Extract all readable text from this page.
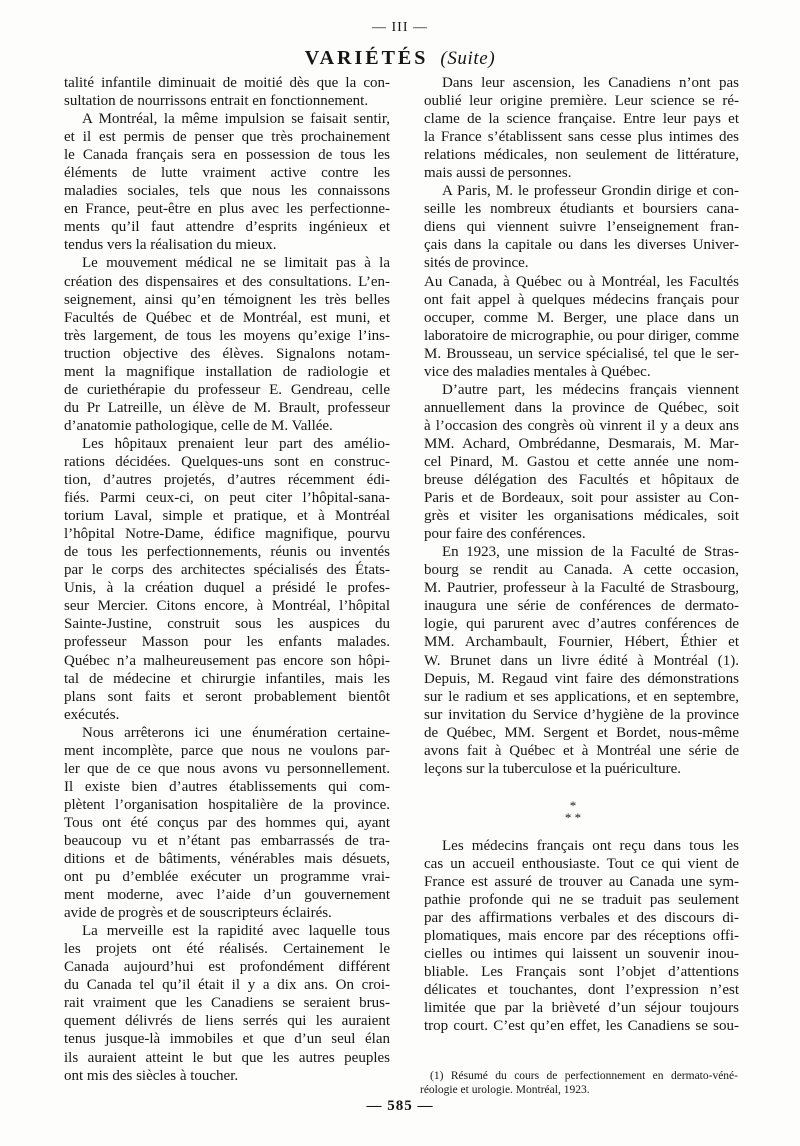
— III —
VARIÉTÉS (Suite)
talité infantile diminuait de moitié dès que la con-
sultation de nourrissons entrait en fonctionnement.
A Montréal, la même impulsion se faisait sentir,
et il est permis de penser que très prochainement
le Canada français sera en possession de tous les
éléments de lutte vraiment active contre les
maladies sociales, tels que nous les connaissons
en France, peut-être en plus avec les perfectionne-
ments qu’il faut attendre d’esprits ingénieux et
tendus vers la réalisation du mieux.
Le mouvement médical ne se limitait pas à la
création des dispensaires et des consultations. L’en-
seignement, ainsi qu’en témoignent les très belles
Facultés de Québec et de Montréal, est muni, et
très largement, de tous les moyens qu’exige l’ins-
truction objective des élèves. Signalons notam-
ment la magnifique installation de radiologie et
de curiethérapie du professeur E. Gendreau, celle
du Pr Latreille, un élève de M. Brault, professeur
d’anatomie pathologique, celle de M. Vallée.
Les hôpitaux prenaient leur part des amélio-
rations décidées. Quelques-uns sont en construc-
tion, d’autres projetés, d’autres récemment édi-
fiés. Parmi ceux-ci, on peut citer l’hôpital-sana-
torium Laval, simple et pratique, et à Montréal
l’hôpital Notre-Dame, édifice magnifique, pourvu
de tous les perfectionnements, réunis ou inventés
par le corps des architectes spécialisés des États-
Unis, à la création duquel a présidé le profes-
seur Mercier. Citons encore, à Montréal, l’hôpital
Sainte-Justine, construit sous les auspices du
professeur Masson pour les enfants malades.
Québec n’a malheureusement pas encore son hôpi-
tal de médecine et chirurgie infantiles, mais les
plans sont faits et seront probablement bientôt
exécutés.
Nous arrêterons ici une énumération certaine-
ment incomplète, parce que nous ne voulons par-
ler que de ce que nous avons vu personnellement.
Il existe bien d’autres établissements qui com-
plètent l’organisation hospitalière de la province.
Tous ont été conçus par des hommes qui, ayant
beaucoup vu et n’étant pas embarrassés de tra-
ditions et de bâtiments, vénérables mais désuets,
ont pu d’emblée exécuter un programme vrai-
ment moderne, avec l’aide d’un gouvernement
avide de progrès et de souscripteurs éclairés.
La merveille est la rapidité avec laquelle tous
les projets ont été réalisés. Certainement le
Canada aujourd’hui est profondément différent
du Canada tel qu’il était il y a dix ans. On croi-
rait vraiment que les Canadiens se seraient brus-
quement délivrés de liens serrés qui les auraient
tenus jusque-là immobiles et que d’un seul élan
ils auraient atteint le but que les autres peuples
ont mis des siècles à toucher.
Dans leur ascension, les Canadiens n’ont pas
oublié leur origine première. Leur science se ré-
clame de la science française. Entre leur pays et
la France s’établissent sans cesse plus intimes des
relations médicales, non seulement de littérature,
mais aussi de personnes.
A Paris, M. le professeur Grondin dirige et con-
seille les nombreux étudiants et boursiers cana-
diens qui viennent suivre l’enseignement fran-
çais dans la capitale ou dans les diverses Univer-
sités de province.
Au Canada, à Québec ou à Montréal, les Facultés
ont fait appel à quelques médecins français pour
occuper, comme M. Berger, une place dans un
laboratoire de micrographie, ou pour diriger, comme
M. Brousseau, un service spécialisé, tel que le ser-
vice des maladies mentales à Québec.
D’autre part, les médecins français viennent
annuellement dans la province de Québec, soit
à l’occasion des congrès où vinrent il y a deux ans
MM. Achard, Ombrédanne, Desmarais, M. Mar-
cel Pinard, M. Gastou et cette année une nom-
breuse délégation des Facultés et hôpitaux de
Paris et de Bordeaux, soit pour assister au Con-
grès et visiter les organisations médicales, soit
pour faire des conférences.
En 1923, une mission de la Faculté de Stras-
bourg se rendit au Canada. A cette occasion,
M. Pautrier, professeur à la Faculté de Strasbourg,
inaugura une série de conférences de dermato-
logie, qui parurent avec d’autres conférences de
MM. Archambault, Fournier, Hébert, Éthier et
W. Brunet dans un livre édité à Montréal (1).
Depuis, M. Regaud vint faire des démonstrations
sur le radium et ses applications, et en septembre,
sur invitation du Service d’hygiène de la province
de Québec, MM. Sergent et Bordet, nous-même
avons fait à Québec et à Montréal une série de
leçons sur la tuberculose et la puériculture.
*
* *
Les médecins français ont reçu dans tous les
cas un accueil enthousiaste. Tout ce qui vient de
France est assuré de trouver au Canada une sym-
pathie profonde qui ne se traduit pas seulement
par des affirmations verbales et des discours di-
plomatiques, mais encore par des réceptions offi-
cielles ou intimes qui laissent un souvenir inou-
bliable. Les Français sont l’objet d’attentions
délicates et touchantes, dont l’expression n’est
limitée que par la brièveté d’un séjour toujours
trop court. C’est qu’en effet, les Canadiens se sou-
(1) Résumé du cours de perfectionnement en dermato-véné-
réologie et urologie. Montréal, 1923.
— 585 —
